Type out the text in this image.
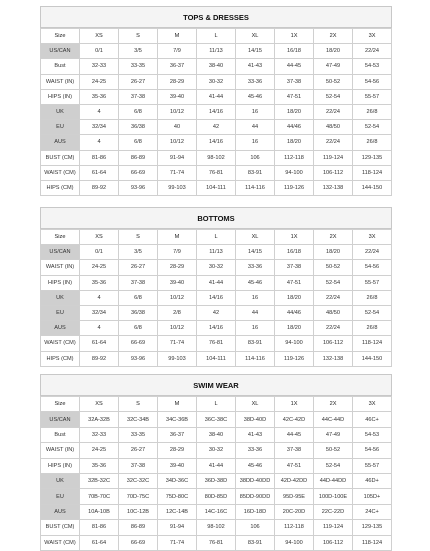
TOPS & DRESSES
Size	XS	S	M	L	XL	1X	2X	3X
US/CAN	0/1	3/5	7/9	11/13	14/15	16/18	18/20	22/24
Bust	32-33	33-35	36-37	38-40	41-43	44-45	47-49	54-53
WAIST (IN)	24-25	26-27	28-29	30-32	33-36	37-38	50-52	54-56
HIPS (IN)	35-36	37-38	39-40	41-44	45-46	47-51	52-54	55-57
UK	4	6/8	10/12	14/16	16	18/20	22/24	26/8
EU	32/34	36/38	40	42	44	44/46	48/50	52-54
AUS	4	6/8	10/12	14/16	16	18/20	22/24	26/8
BUST (CM)	81-86	86-89	91-94	98-102	106	112-118	119-124	129-135
WAIST (CM)	61-64	66-69	71-74	76-81	83-91	94-100	106-112	118-124
HIPS (CM)	89-92	93-96	99-103	104-111	114-116	119-126	132-138	144-150
BOTTOMS
Size	XS	S	M	L	XL	1X	2X	3X
US/CAN	0/1	3/5	7/9	11/13	14/15	16/18	18/20	22/24
WAIST (IN)	24-25	26-27	28-29	30-32	33-36	37-38	50-52	54-56
HIPS (IN)	35-36	37-38	39-40	41-44	45-46	47-51	52-54	55-57
UK	4	6/8	10/12	14/16	16	18/20	22/24	26/8
EU	32/34	36/38	2/8	42	44	44/46	48/50	52-54
AUS	4	6/8	10/12	14/16	16	18/20	22/24	26/8
WAIST (CM)	61-64	66-69	71-74	76-81	83-91	94-100	106-112	118-124
HIPS (CM)	89-92	93-96	99-103	104-111	114-116	119-126	132-138	144-150
SWIM WEAR
Size	XS	S	M	L	XL	1X	2X	3X
US/CAN	32A-32B	32C-34B	34C-36B	36C-38C	38D-40D	42C-42D	44C-44D	46C+
Bust	32-33	33-35	36-37	38-40	41-43	44-45	47-49	54-53
WAIST (IN)	24-25	26-27	28-29	30-32	33-36	37-38	50-52	54-56
HIPS (IN)	35-36	37-38	39-40	41-44	45-46	47-51	52-54	55-57
UK	32B-32C	32C-32C	34D-36C	36D-38D	38DD-40DD	42D-42DD	44D-44DD	46D+
EU	70B-70C	70D-75C	75D-80C	80D-85D	85DD-90DD	95D-95E	100D-100E	105D+
AUS	10A-10B	10C-12B	12C-14B	14C-16C	16D-18D	20C-20D	22C-22D	24C+
BUST (CM)	81-86	86-89	91-94	98-102	106	112-118	119-124	129-135
WAIST (CM)	61-64	66-69	71-74	76-81	83-91	94-100	106-112	118-124
